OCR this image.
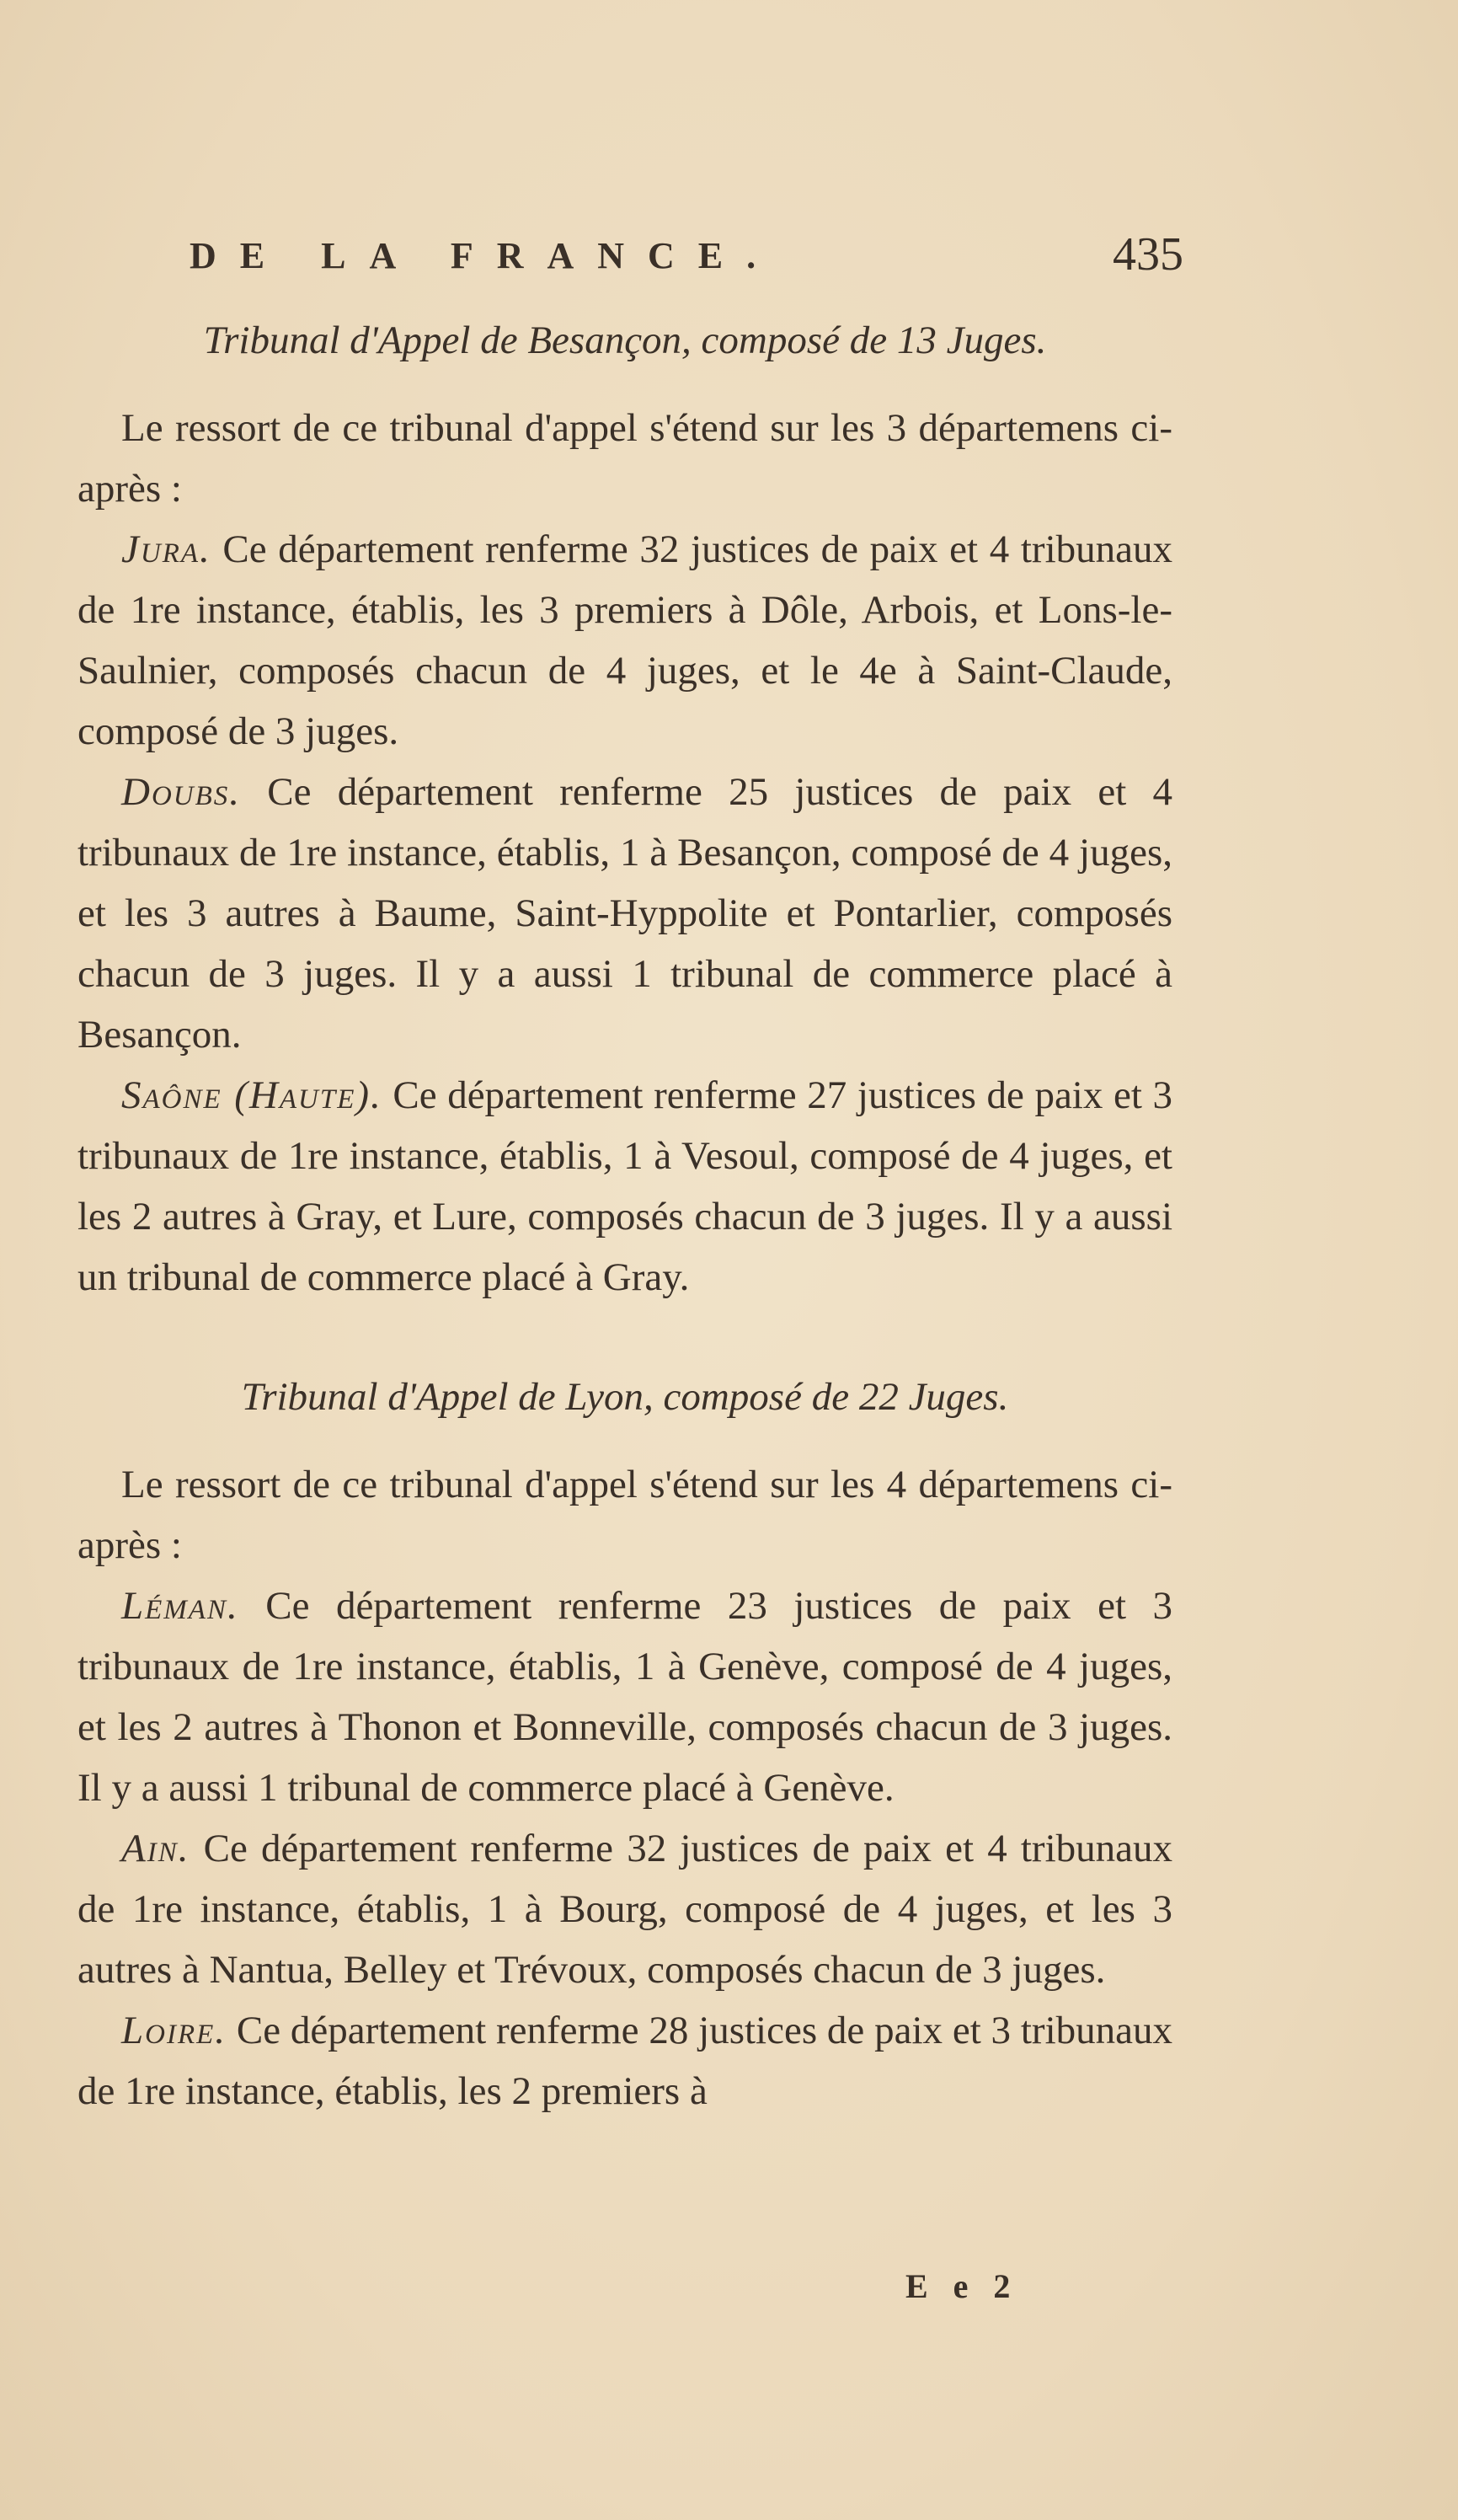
DE LA FRANCE.	435

Tribunal d'Appel de Besançon, composé de 13 Juges.

Le ressort de ce tribunal d'appel s'étend sur les 3 départemens ci-après :

Jura. Ce département renferme 32 justices de paix et 4 tribunaux de 1re instance, établis, les 3 premiers à Dôle, Arbois, et Lons-le-Saulnier, composés chacun de 4 juges, et le 4e à Saint-Claude, composé de 3 juges.

Doubs. Ce département renferme 25 justices de paix et 4 tribunaux de 1re instance, établis, 1 à Besançon, composé de 4 juges, et les 3 autres à Baume, Saint-Hyppolite et Pontarlier, composés chacun de 3 juges. Il y a aussi 1 tribunal de commerce placé à Besançon.

Saône (Haute). Ce département renferme 27 justices de paix et 3 tribunaux de 1re instance, établis, 1 à Vesoul, composé de 4 juges, et les 2 autres à Gray, et Lure, composés chacun de 3 juges. Il y a aussi un tribunal de commerce placé à Gray.

Tribunal d'Appel de Lyon, composé de 22 Juges.

Le ressort de ce tribunal d'appel s'étend sur les 4 départemens ci-après :

Léman. Ce département renferme 23 justices de paix et 3 tribunaux de 1re instance, établis, 1 à Genève, composé de 4 juges, et les 2 autres à Thonon et Bonneville, composés chacun de 3 juges. Il y a aussi 1 tribunal de commerce placé à Genève.

Ain. Ce département renferme 32 justices de paix et 4 tribunaux de 1re instance, établis, 1 à Bourg, composé de 4 juges, et les 3 autres à Nantua, Belley et Trévoux, composés chacun de 3 juges.

Loire. Ce département renferme 28 justices de paix et 3 tribunaux de 1re instance, établis, les 2 premiers à

E e 2
